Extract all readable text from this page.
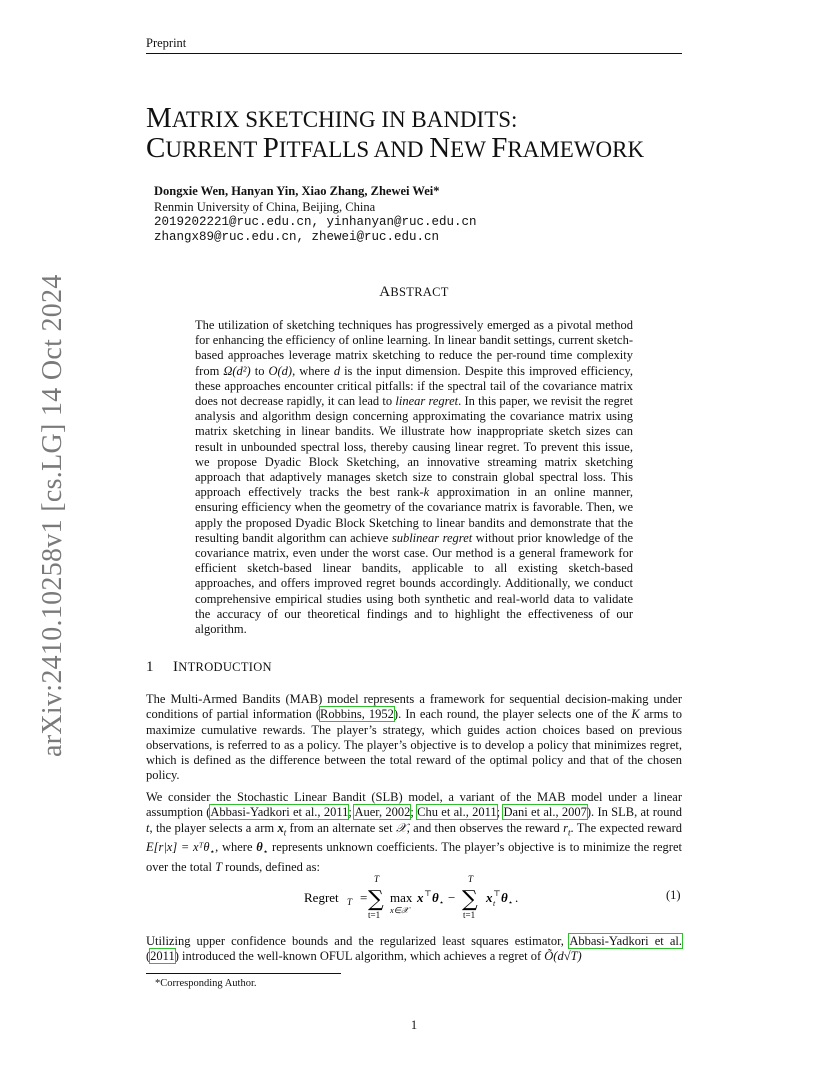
Preprint
arXiv:2410.10258v1 [cs.LG] 14 Oct 2024
MATRIX SKETCHING IN BANDITS:
CURRENT PITFALLS AND NEW FRAMEWORK
Dongxie Wen, Hanyan Yin, Xiao Zhang, Zhewei Wei*
Renmin University of China, Beijing, China
2019202221@ruc.edu.cn, yinhanyan@ruc.edu.cn
zhangx89@ruc.edu.cn, zhewei@ruc.edu.cn
ABSTRACT

The utilization of sketching techniques has progressively emerged as a pivotal method for enhancing the efficiency of online learning. In linear bandit settings, current sketch-based approaches leverage matrix sketching to reduce the per-round time complexity from Ω(d²) to O(d), where d is the input dimension. Despite this improved efficiency, these approaches encounter critical pitfalls: if the spectral tail of the covariance matrix does not decrease rapidly, it can lead to linear regret. In this paper, we revisit the regret analysis and algorithm design concerning approximating the covariance matrix using matrix sketching in linear bandits. We illustrate how inappropriate sketch sizes can result in unbounded spectral loss, thereby causing linear regret. To prevent this issue, we propose Dyadic Block Sketching, an innovative streaming matrix sketching approach that adaptively manages sketch size to constrain global spectral loss. This approach effectively tracks the best rank-k approximation in an online manner, ensuring efficiency when the geometry of the covariance matrix is favorable. Then, we apply the proposed Dyadic Block Sketching to linear bandits and demonstrate that the resulting bandit algorithm can achieve sublinear regret without prior knowledge of the covariance matrix, even under the worst case. Our method is a general framework for efficient sketch-based linear bandits, applicable to all existing sketch-based approaches, and offers improved regret bounds accordingly. Additionally, we conduct comprehensive empirical studies using both synthetic and real-world data to validate the accuracy of our theoretical findings and to highlight the effectiveness of our algorithm.

1 INTRODUCTION

The Multi-Armed Bandits (MAB) model represents a framework for sequential decision-making under conditions of partial information (Robbins, 1952). In each round, the player selects one of the K arms to maximize cumulative rewards. The player’s strategy, which guides action choices based on previous observations, is referred to as a policy. The player’s objective is to develop a policy that minimizes regret, which is defined as the difference between the total reward of the optimal policy and that of the chosen policy.

We consider the Stochastic Linear Bandit (SLB) model, a variant of the MAB model under a linear assumption (Abbasi-Yadkori et al., 2011; Auer, 2002; Chu et al., 2011; Dani et al., 2007). In SLB, at round t, the player selects a arm $x_t$ from an alternate set 𝒳, and then observes the reward $r_t$. The expected reward E[r|x] = xᵀθ$_⋆$, where $\theta_⋆$ represents unknown coefficients. The player’s objective is to minimize the regret over the total T rounds, defined as:

Regret T =
T
∑
t=1
max
x∈𝒳
x ⊤ θ ⋆ −
T
∑
t=1
x ⊤
t θ ⋆ .	(1)

Utilizing upper confidence bounds and the regularized least squares estimator, Abbasi-Yadkori et al. (2011) introduced the well-known OFUL algorithm, which achieves a regret of Õ(d√T)

*Corresponding Author.
1
